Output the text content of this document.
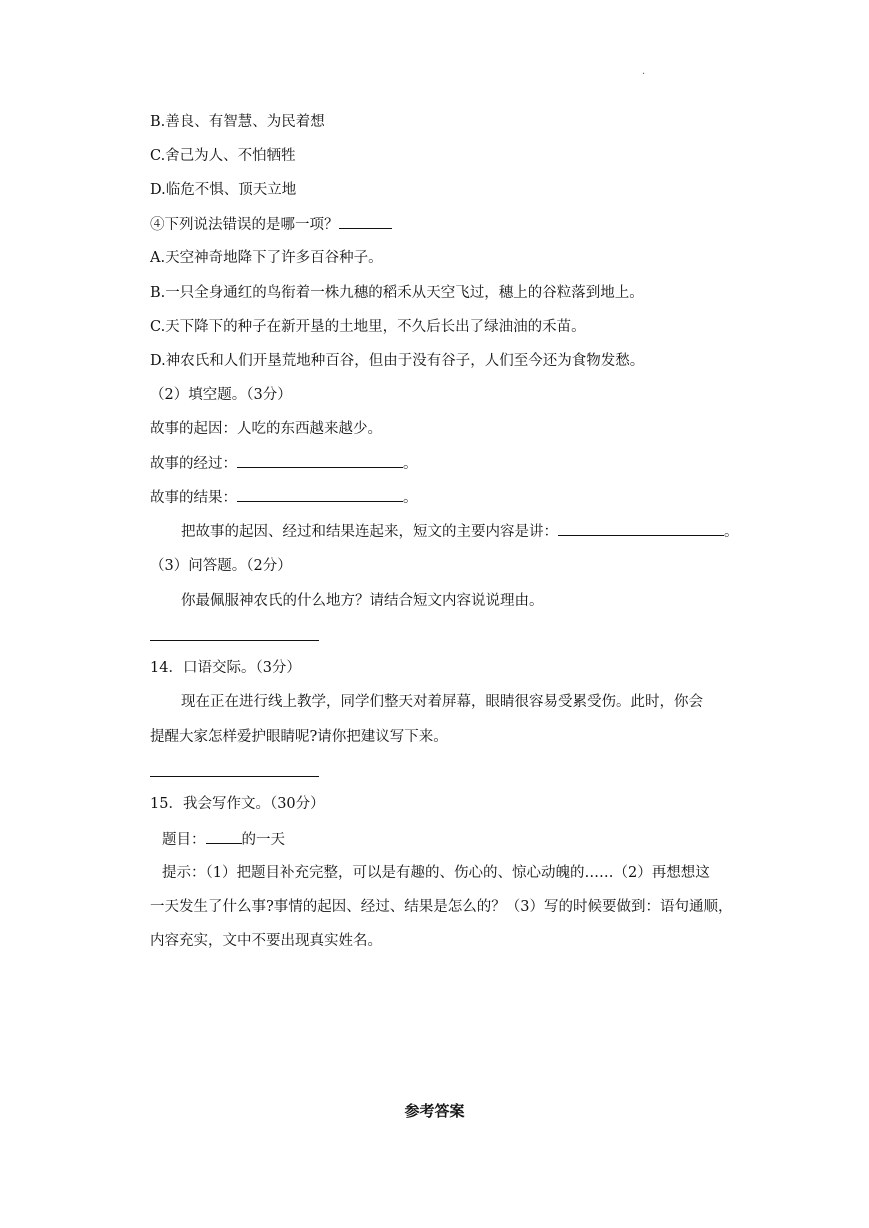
.
B.善良、有智慧、为民着想
C.舍己为人、不怕牺牲
D.临危不惧、顶天立地
④下列说法错误的是哪一项？
A.天空神奇地降下了许多百谷种子。
B.一只全身通红的鸟衔着一株九穗的稻禾从天空飞过，穗上的谷粒落到地上。
C.天下降下的种子在新开垦的土地里，不久后长出了绿油油的禾苗。
D.神农氏和人们开垦荒地种百谷，但由于没有谷子，人们至今还为食物发愁。
（2）填空题。（3分）
故事的起因：人吃的东西越来越少。
故事的经过：	。
故事的结果：	。
把故事的起因、经过和结果连起来，短文的主要内容是讲：	。
（3）问答题。（2分）
你最佩服神农氏的什么地方？请结合短文内容说说理由。
14．口语交际。（3分）
现在正在进行线上教学，同学们整天对着屏幕，眼睛很容易受累受伤。此时，你会
提醒大家怎样爱护眼睛呢?请你把建议写下来。
15．我会写作文。（30分）
题目： 的一天
提示：（1）把题目补充完整，可以是有趣的、伤心的、惊心动魄的……（2）再想想这
一天发生了什么事?事情的起因、经过、结果是怎么的？（3）写的时候要做到：语句通顺，
内容充实，文中不要出现真实姓名。
参考答案
